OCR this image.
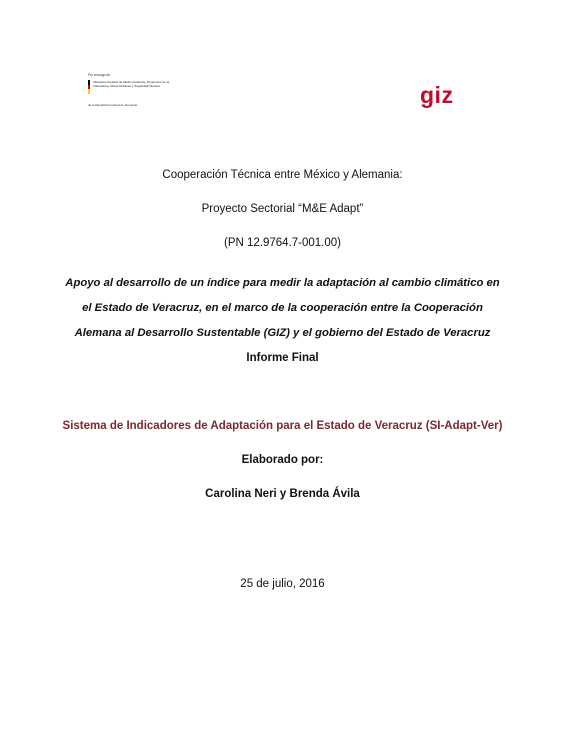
Por encargo de:
Ministerio Federal de Medio Ambiente, Protección de la Naturaleza, Obras Públicas y Seguridad Nuclear
de la República Federal de Alemania	giz
Cooperación Técnica entre México y Alemania:
Proyecto Sectorial “M&E Adapt”
(PN 12.9764.7-001.00)
Apoyo al desarrollo de un índice para medir la adaptación al cambio climático en
el Estado de Veracruz, en el marco de la cooperación entre la Cooperación
Alemana al Desarrollo Sustentable (GIZ) y el gobierno del Estado de Veracruz
Informe Final
Sistema de Indicadores de Adaptación para el Estado de Veracruz (SI-Adapt-Ver)
Elaborado por:
Carolina Neri y Brenda Ávila
25 de julio, 2016
